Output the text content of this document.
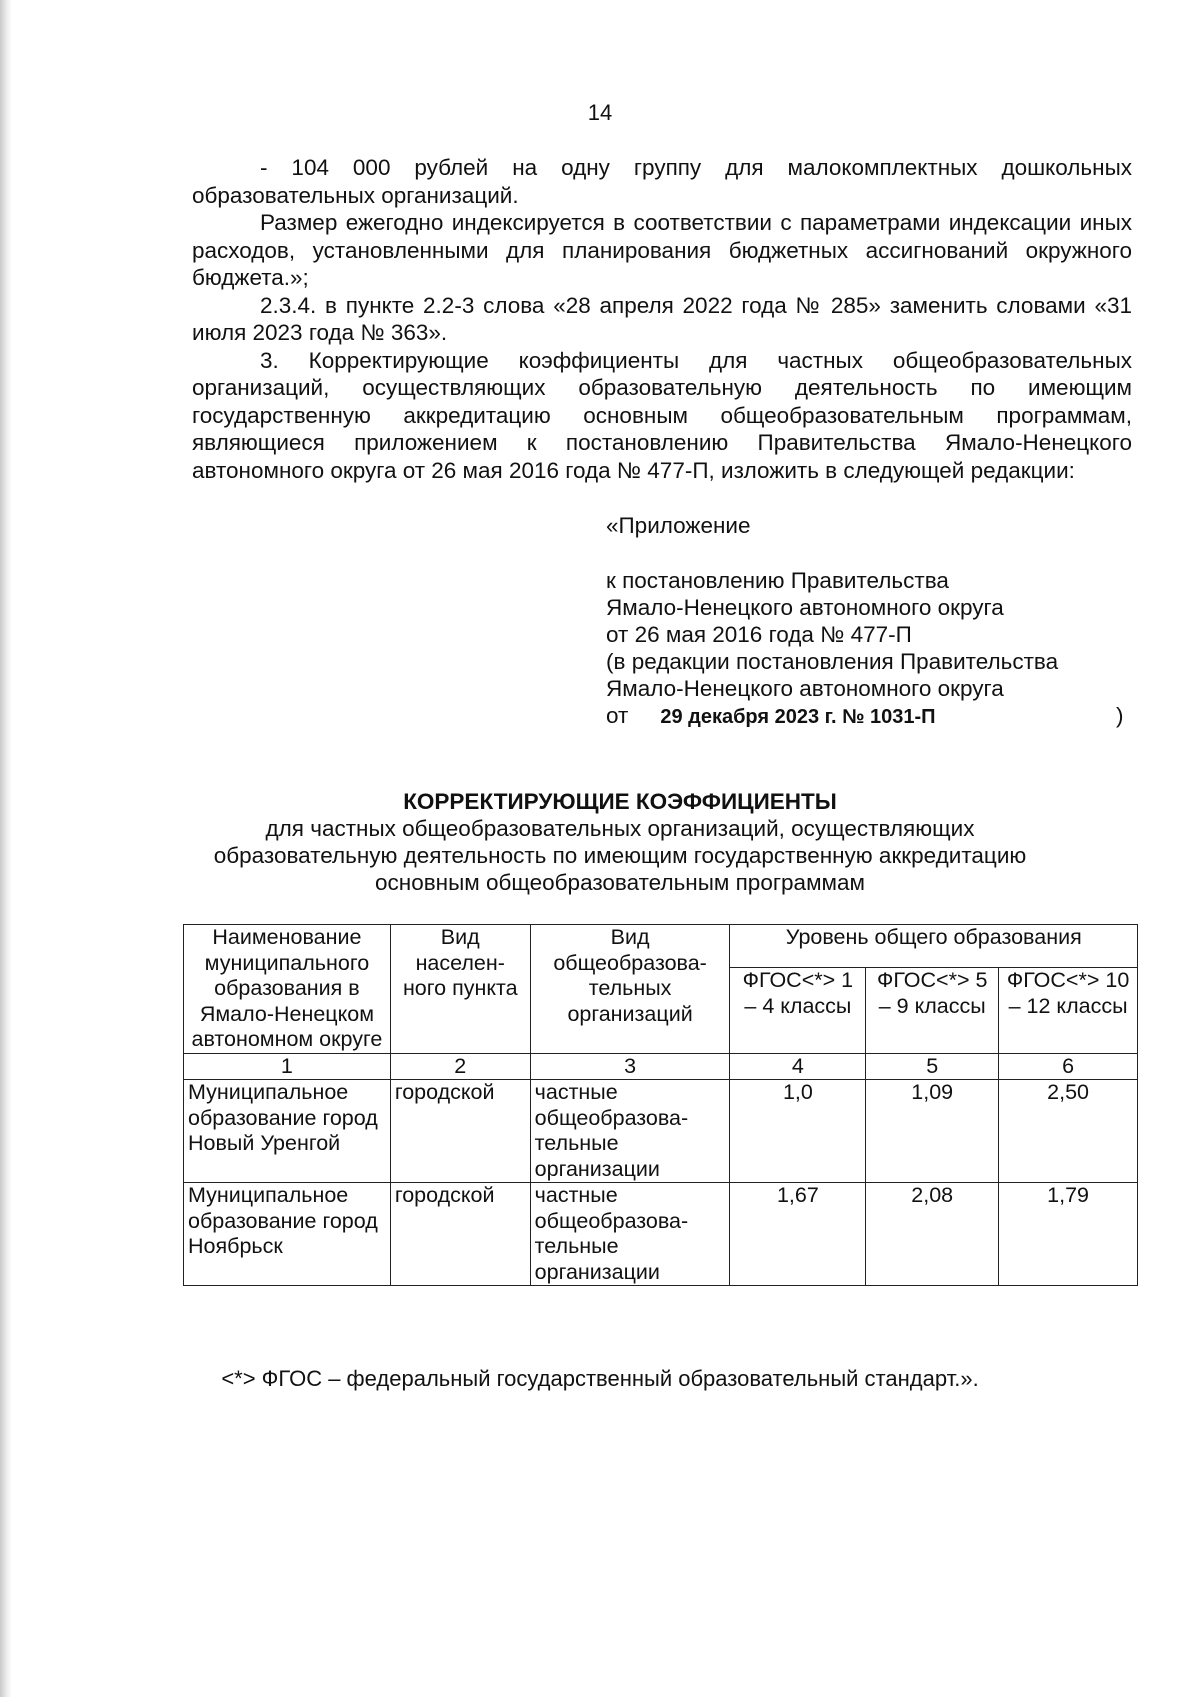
14

- 104 000 рублей на одну группу для малокомплектных дошкольных образовательных организаций.

Размер ежегодно индексируется в соответствии с параметрами индексации иных расходов, установленными для планирования бюджетных ассигнований окружного бюджета.»;

2.3.4. в пункте 2.2-3 слова «28 апреля 2022 года № 285» заменить словами «31 июля 2023 года № 363».

3. Корректирующие коэффициенты для частных общеобразовательных организаций, осуществляющих образовательную деятельность по имеющим государственную аккредитацию основным общеобразовательным программам, являющиеся приложением к постановлению Правительства Ямало-Ненецкого автономного округа от 26 мая 2016 года № 477-П, изложить в следующей редакции:

«Приложение
к постановлению Правительства
Ямало-Ненецкого автономного округа
от 26 мая 2016 года № 477-П
(в редакции постановления Правительства
Ямало-Ненецкого автономного округа
от 29 декабря 2023 г. № 1031-П	)
КОРРЕКТИРУЮЩИЕ КОЭФФИЦИЕНТЫ
для частных общеобразовательных организаций, осуществляющих
образовательную деятельность по имеющим государственную аккредитацию
основным общеобразовательным программам
Наименование муниципального образования в Ямало-Ненецком автономном округе	Вид населен-ного пункта	Вид общеобразова-тельных организаций	Уровень общего образования		
			ФГОС<*> 1 – 4 классы	ФГОС<*> 5 – 9 классы	ФГОС<*> 10 – 12 классы
1	2	3	4	5	6
Муниципальное образование город Новый Уренгой	городской	частные общеобразова-тельные организации	1,0	1,09	2,50
Муниципальное образование город Ноябрьск	городской	частные общеобразова-тельные организации	1,67	2,08	1,79
<*> ФГОС – федеральный государственный образовательный стандарт.».
